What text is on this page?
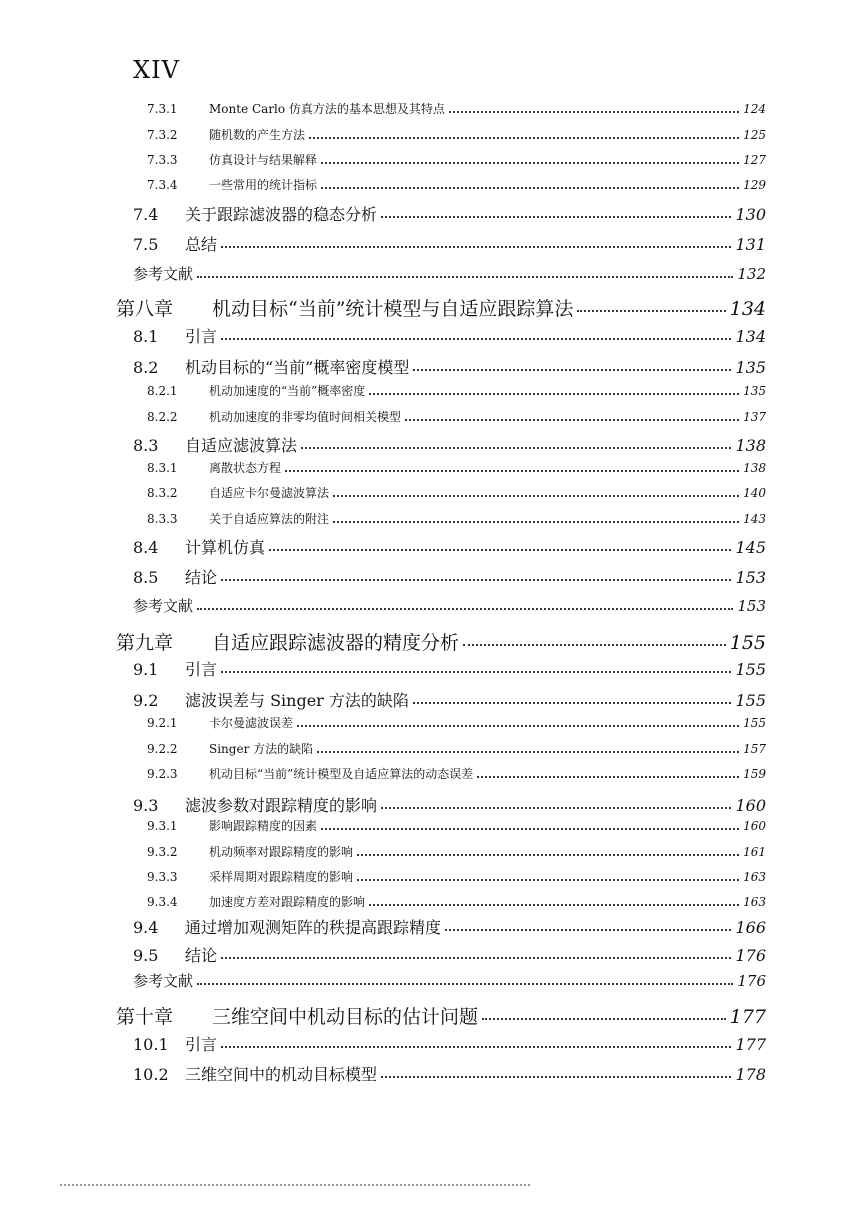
XIV
7.3.1	Monte Carlo 仿真方法的基本思想及其特点	124
7.3.2	随机数的产生方法	125
7.3.3	仿真设计与结果解释	127
7.3.4	一些常用的统计指标	129
7.4	关于跟踪滤波器的稳态分析	130
7.5	总结	131
参考文献	132
第八章	机动目标“当前”统计模型与自适应跟踪算法	134
8.1	引言	134
8.2	机动目标的“当前”概率密度模型	135
8.2.1	机动加速度的“当前”概率密度	135
8.2.2	机动加速度的非零均值时间相关模型	137
8.3	自适应滤波算法	138
8.3.1	离散状态方程	138
8.3.2	自适应卡尔曼滤波算法	140
8.3.3	关于自适应算法的附注	143
8.4	计算机仿真	145
8.5	结论	153
参考文献	153
第九章	自适应跟踪滤波器的精度分析	155
9.1	引言	155
9.2	滤波误差与 Singer 方法的缺陷	155
9.2.1	卡尔曼滤波误差	155
9.2.2	Singer 方法的缺陷	157
9.2.3	机动目标“当前”统计模型及自适应算法的动态误差	159
9.3	滤波参数对跟踪精度的影响	160
9.3.1	影响跟踪精度的因素	160
9.3.2	机动频率对跟踪精度的影响	161
9.3.3	采样周期对跟踪精度的影响	163
9.3.4	加速度方差对跟踪精度的影响	163
9.4	通过增加观测矩阵的秩提高跟踪精度	166
9.5	结论	176
参考文献	176
第十章	三维空间中机动目标的估计问题	177
10.1	引言	177
10.2	三维空间中的机动目标模型	178
